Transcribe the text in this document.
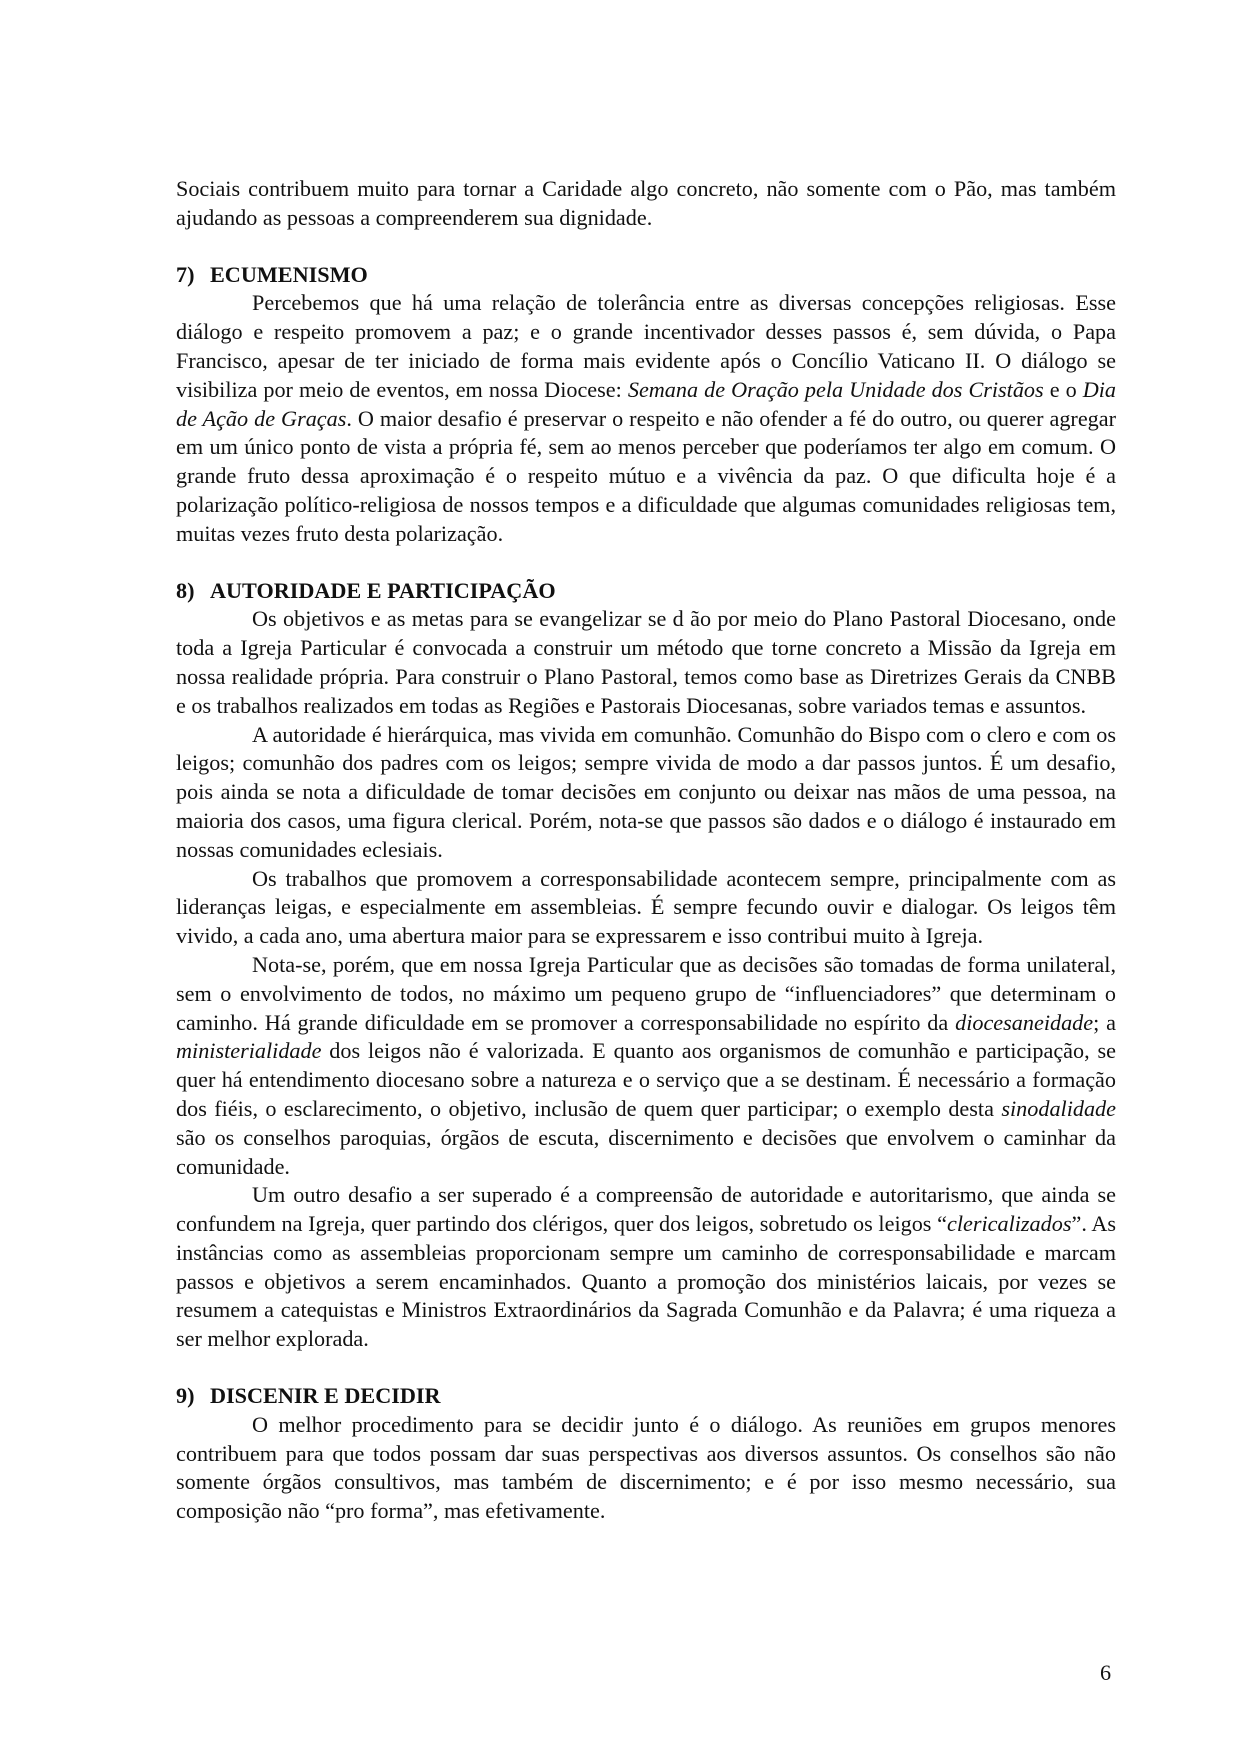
Sociais contribuem muito para tornar a Caridade algo concreto, não somente com o Pão, mas também ajudando as pessoas a compreenderem sua dignidade.

7) ECUMENISMO

Percebemos que há uma relação de tolerância entre as diversas concepções religiosas. Esse diálogo e respeito promovem a paz; e o grande incentivador desses passos é, sem dúvida, o Papa Francisco, apesar de ter iniciado de forma mais evidente após o Concílio Vaticano II. O diálogo se visibiliza por meio de eventos, em nossa Diocese: Semana de Oração pela Unidade dos Cristãos e o Dia de Ação de Graças. O maior desafio é preservar o respeito e não ofender a fé do outro, ou querer agregar em um único ponto de vista a própria fé, sem ao menos perceber que poderíamos ter algo em comum. O grande fruto dessa aproximação é o respeito mútuo e a vivência da paz. O que dificulta hoje é a polarização político-religiosa de nossos tempos e a dificuldade que algumas comunidades religiosas tem, muitas vezes fruto desta polarização.

8) AUTORIDADE E PARTICIPAÇÃO

Os objetivos e as metas para se evangelizar se d ão por meio do Plano Pastoral Diocesano, onde toda a Igreja Particular é convocada a construir um método que torne concreto a Missão da Igreja em nossa realidade própria. Para construir o Plano Pastoral, temos como base as Diretrizes Gerais da CNBB e os trabalhos realizados em todas as Regiões e Pastorais Diocesanas, sobre variados temas e assuntos.

A autoridade é hierárquica, mas vivida em comunhão. Comunhão do Bispo com o clero e com os leigos; comunhão dos padres com os leigos; sempre vivida de modo a dar passos juntos. É um desafio, pois ainda se nota a dificuldade de tomar decisões em conjunto ou deixar nas mãos de uma pessoa, na maioria dos casos, uma figura clerical. Porém, nota-se que passos são dados e o diálogo é instaurado em nossas comunidades eclesiais.

Os trabalhos que promovem a corresponsabilidade acontecem sempre, principalmente com as lideranças leigas, e especialmente em assembleias. É sempre fecundo ouvir e dialogar. Os leigos têm vivido, a cada ano, uma abertura maior para se expressarem e isso contribui muito à Igreja.

Nota-se, porém, que em nossa Igreja Particular que as decisões são tomadas de forma unilateral, sem o envolvimento de todos, no máximo um pequeno grupo de “influenciadores” que determinam o caminho. Há grande dificuldade em se promover a corresponsabilidade no espírito da diocesaneidade; a ministerialidade dos leigos não é valorizada. E quanto aos organismos de comunhão e participação, se quer há entendimento diocesano sobre a natureza e o serviço que a se destinam. É necessário a formação dos fiéis, o esclarecimento, o objetivo, inclusão de quem quer participar; o exemplo desta sinodalidade são os conselhos paroquias, órgãos de escuta, discernimento e decisões que envolvem o caminhar da comunidade.

Um outro desafio a ser superado é a compreensão de autoridade e autoritarismo, que ainda se confundem na Igreja, quer partindo dos clérigos, quer dos leigos, sobretudo os leigos “clericalizados”. As instâncias como as assembleias proporcionam sempre um caminho de corresponsabilidade e marcam passos e objetivos a serem encaminhados. Quanto a promoção dos ministérios laicais, por vezes se resumem a catequistas e Ministros Extraordinários da Sagrada Comunhão e da Palavra; é uma riqueza a ser melhor explorada.

9) DISCENIR E DECIDIR

O melhor procedimento para se decidir junto é o diálogo. As reuniões em grupos menores contribuem para que todos possam dar suas perspectivas aos diversos assuntos. Os conselhos são não somente órgãos consultivos, mas também de discernimento; e é por isso mesmo necessário, sua composição não “pro forma”, mas efetivamente.

6
